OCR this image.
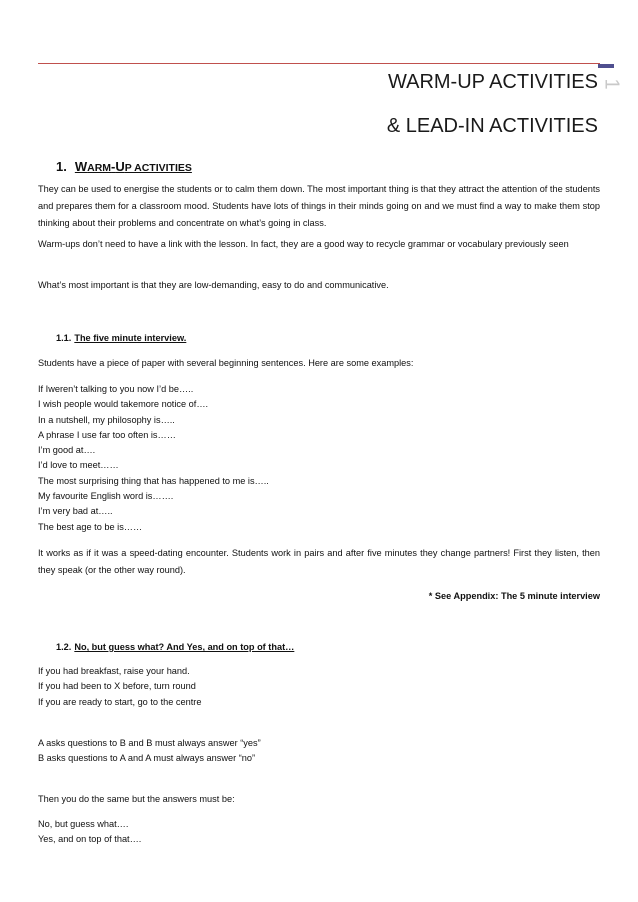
1
WARM-UP ACTIVITIES
& LEAD-IN ACTIVITIES
1. WARM-UP ACTIVITIES

They can be used to energise the students or to calm them down. The most important thing is that they attract the attention of the students and prepares them for a classroom mood. Students have lots of things in their minds going on and we must find a way to make them stop thinking about their problems and concentrate on what’s going in class.

Warm-ups don’t need to have a link with the lesson. In fact, they are a good way to recycle grammar or vocabulary previously seen

What’s most important is that they are low-demanding, easy to do and communicative.

1.1. The five minute interview.

Students have a piece of paper with several beginning sentences. Here are some examples:

If Iweren’t talking to you now I’d be…..
I wish people would takemore notice of….
In a nutshell, my philosophy is…..
A phrase I use far too often is……
I’m good at….
I’d love to meet……
The most surprising thing that has happened to me is…..
My favourite English word is…….
I’m very bad at…..
The best age to be is……

It works as if it was a speed-dating encounter. Students work in pairs and after five minutes they change partners! First they listen, then they speak (or the other way round).

* See Appendix: The 5 minute interview
1.2. No, but guess what? And Yes, and on top of that…
If you had breakfast, raise your hand.
If you had been to X before, turn round
If you are ready to start, go to the centre
A asks questions to B and B must always answer “yes”
B asks questions to A and A must always answer “no”

Then you do the same but the answers must be:

No, but guess what….
Yes, and on top of that….
